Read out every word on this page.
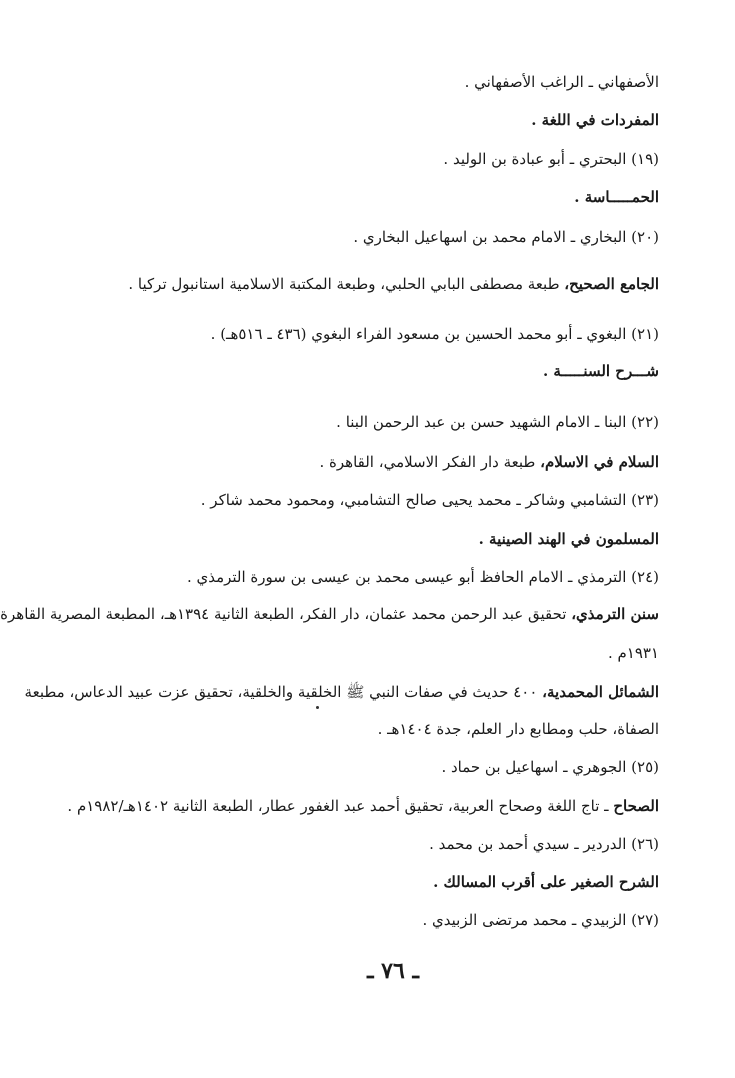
الأصفهاني ـ الراغب الأصفهاني .
المفردات في اللغة .
(١٩) البحتري ـ أبو عبادة بن الوليد .
الحمـــــاسة .
(٢٠) البخاري ـ الامام محمد بن اسهاعيل البخاري .
الجامع الصحيح، طبعة مصطفى البابي الحلبي، وطبعة المكتبة الاسلامية استانبول تركيا .
(٢١) البغوي ـ أبو محمد الحسين بن مسعود الفراء البغوي (٤٣٦ ـ ٥١٦هـ) .
شـــرح السنـــــة .
(٢٢) البنا ـ الامام الشهيد حسن بن عبد الرحمن البنا .
السلام في الاسلام، طبعة دار الفكر الاسلامي، القاهرة .
(٢٣) التشامبي وشاكر ـ محمد يحيى صالح التشامبي، ومحمود محمد شاكر .
المسلمون في الهند الصينية .
(٢٤) الترمذي ـ الامام الحافظ أبو عيسى محمد بن عيسى بن سورة الترمذي .
سنن الترمذي، تحقيق عبد الرحمن محمد عثمان، دار الفكر، الطبعة الثانية ١٣٩٤هـ، المطبعة المصرية القاهرة
١٩٣١م .
الشمائل المحمدية، ٤٠٠ حديث في صفات النبي ﷺ الخلقية والخلقية، تحقيق عزت عبيد الدعاس، مطبعة
الصفاة، حلب ومطابع دار العلم، جدة ١٤٠٤هـ .
(٢٥) الجوهري ـ اسهاعيل بن حماد .
الصحاح ـ تاج اللغة وصحاح العربية، تحقيق أحمد عبد الغفور عطار، الطبعة الثانية ١٤٠٢هـ/١٩٨٢م .
(٢٦) الدردير ـ سيدي أحمد بن محمد .
الشرح الصغير على أقرب المسالك .
(٢٧) الزبيدي ـ محمد مرتضى الزبيدي .
ـ ٧٦ ـ
